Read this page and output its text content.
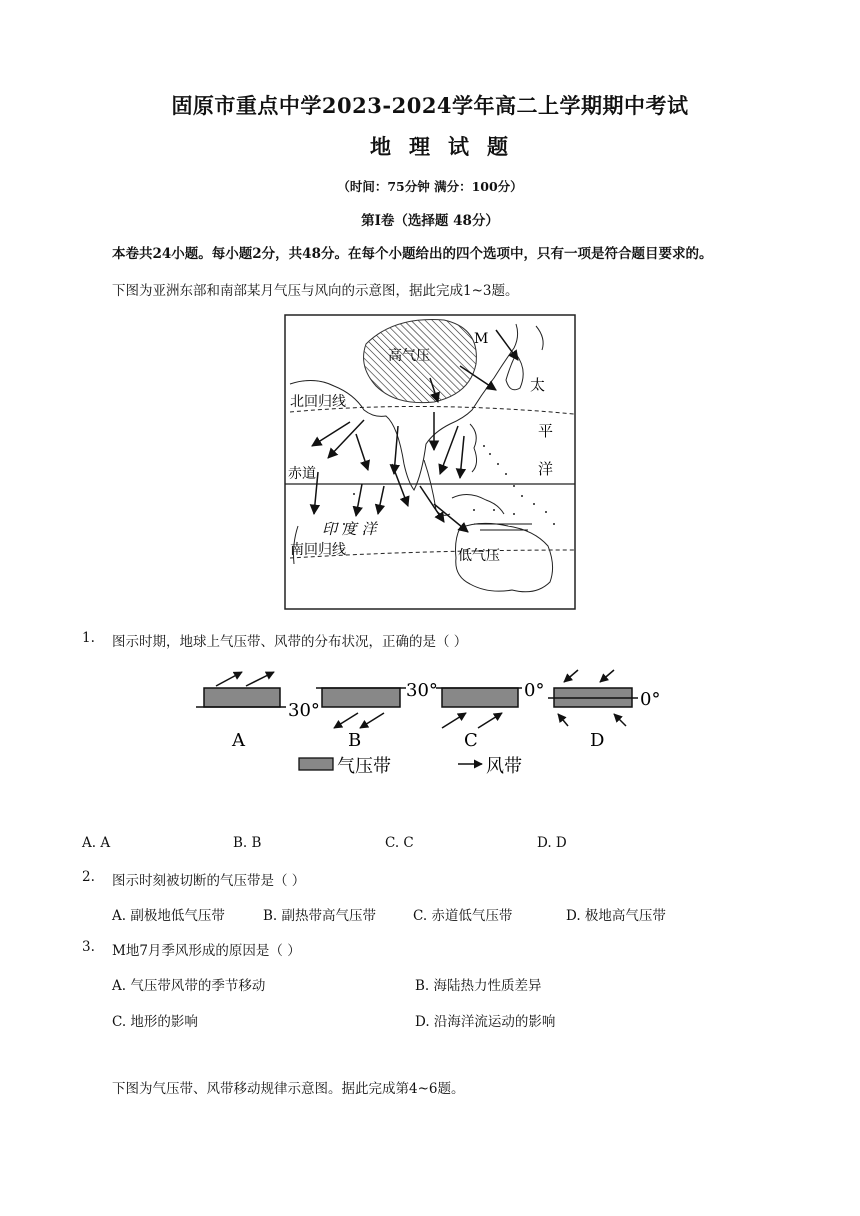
固原市重点中学2023-2024学年高二上学期期中考试
地理试题
（时间：75分钟 满分：100分）
第Ⅰ卷（选择题 48分）
本卷共24小题。每小题2分，共48分。在每个小题给出的四个选项中，只有一项是符合题目要求的。
下图为亚洲东部和南部某月气压与风向的示意图，据此完成1~3题。
高气压
M
北回归线
赤道
南回归线
印 度 洋
低气压
太
平
洋
1. 图示时期，地球上气压带、风带的分布状况，正确的是（ ）
30°
A
30°
B
0°
C
0°
D
气压带	风带
A. A	B. B	C. C	D. D
2. 图示时刻被切断的气压带是（ ）
A. 副极地低气压带	B. 副热带高气压带	C. 赤道低气压带	D. 极地高气压带
3. M地7月季风形成的原因是（ ）
A. 气压带风带的季节移动	B. 海陆热力性质差异
C. 地形的影响	D. 沿海洋流运动的影响
下图为气压带、风带移动规律示意图。据此完成第4~6题。
